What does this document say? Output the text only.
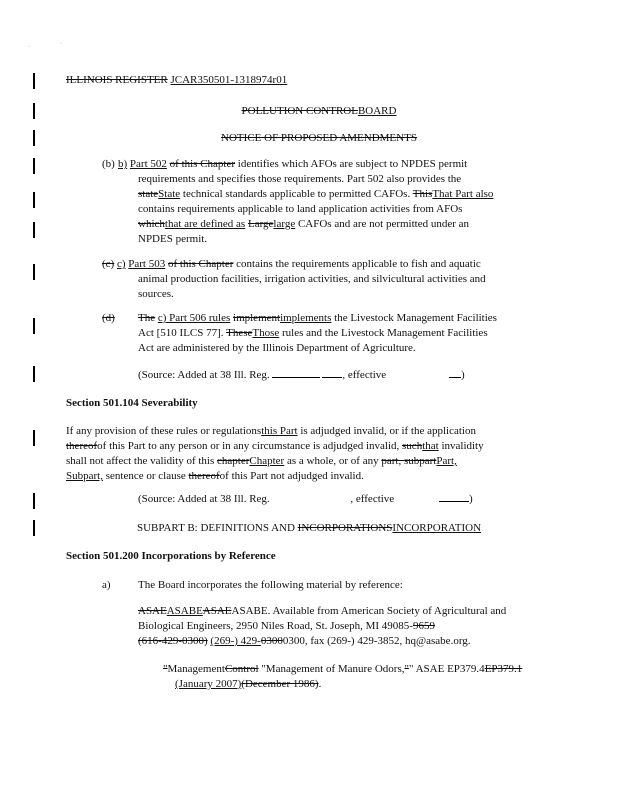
·	·
ILLINOIS REGISTER JCAR350501-1318974r01
POLLUTION CONTROLBOARD
NOTICE OF PROPOSED AMENDMENTS
(b) b) Part 502 of this Chapter identifies which AFOs are subject to NPDES permit
requirements and specifies those requirements. Part 502 also provides the
stateState technical standards applicable to permitted CAFOs. ThisThat Part also
contains requirements applicable to land application activities from AFOs
whichthat are defined as Largelarge CAFOs and are not permitted under an
NPDES permit.
(c) c) Part 503 of this Chapter contains the requirements applicable to fish and aquatic
animal production facilities, irrigation activities, and silvicultural activities and
sources.
(d) The c) Part 506 rules implementimplements the Livestock Management Facilities
Act [510 ILCS 77]. TheseThose rules and the Livestock Management Facilities
Act are administered by the Illinois Department of Agriculture.
(Source: Added at 38 Ill. Reg.	, effective	)
Section 501.104 Severability
If any provision of these rules or regulationsthis Part is adjudged invalid, or if the application
thereofof this Part to any person or in any circumstance is adjudged invalid, suchthat invalidity
shall not affect the validity of this chapterChapter as a whole, or of any part, subpartPart,
Subpart, sentence or clause thereofof this Part not adjudged invalid.
(Source: Added at 38 Ill. Reg.	, effective	)
SUBPART B: DEFINITIONS AND INCORPORATIONSINCORPORATION
Section 501.200 Incorporations by Reference
a) The Board incorporates the following material by reference:
ASAEASABEASAEASABE. Available from American Society of Agricultural and
Biological Engineers, 2950 Niles Road, St. Joseph, MI 49085-9659
(616-429-0300) (269-) 429-03000300, fax (269-) 429-3852, hq@asabe.org.
"ManagementControl "Management of Manure Odors,"" ASAE EP379.4EP379.1
(January 2007)(December 1986).
